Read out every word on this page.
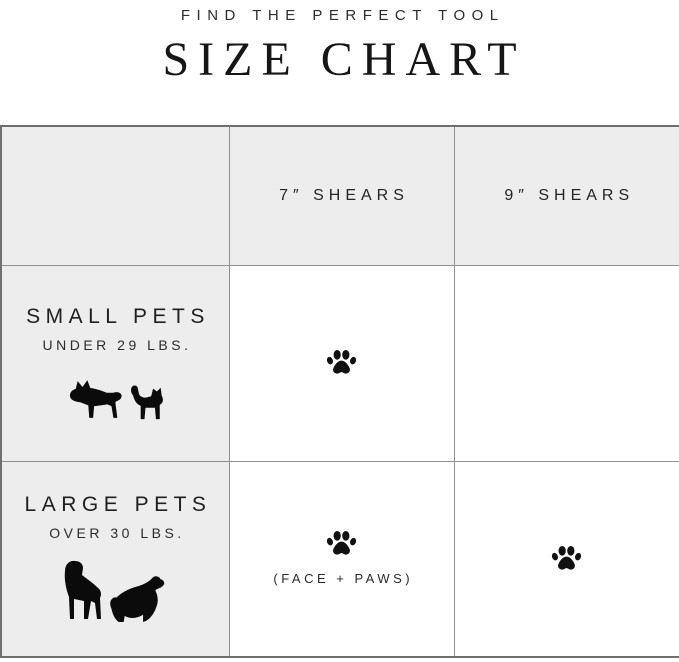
FIND THE PERFECT TOOL
SIZE CHART
	7″ SHEARS	9″ SHEARS

SMALL PETS
UNDER 29 LBS.

LARGE PETS
OVER 30 LBS.	(FACE + PAWS)
